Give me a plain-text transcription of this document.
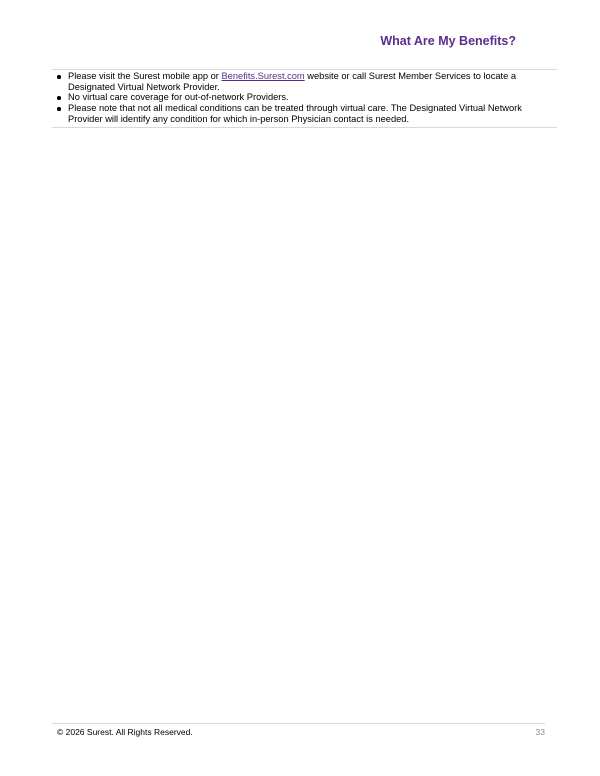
What Are My Benefits?
Please visit the Surest mobile app or Benefits.Surest.com website or call Surest Member Services to locate a Designated Virtual Network Provider.
No virtual care coverage for out-of-network Providers.
Please note that not all medical conditions can be treated through virtual care. The Designated Virtual Network Provider will identify any condition for which in-person Physician contact is needed.
© 2026 Surest. All Rights Reserved.	33
